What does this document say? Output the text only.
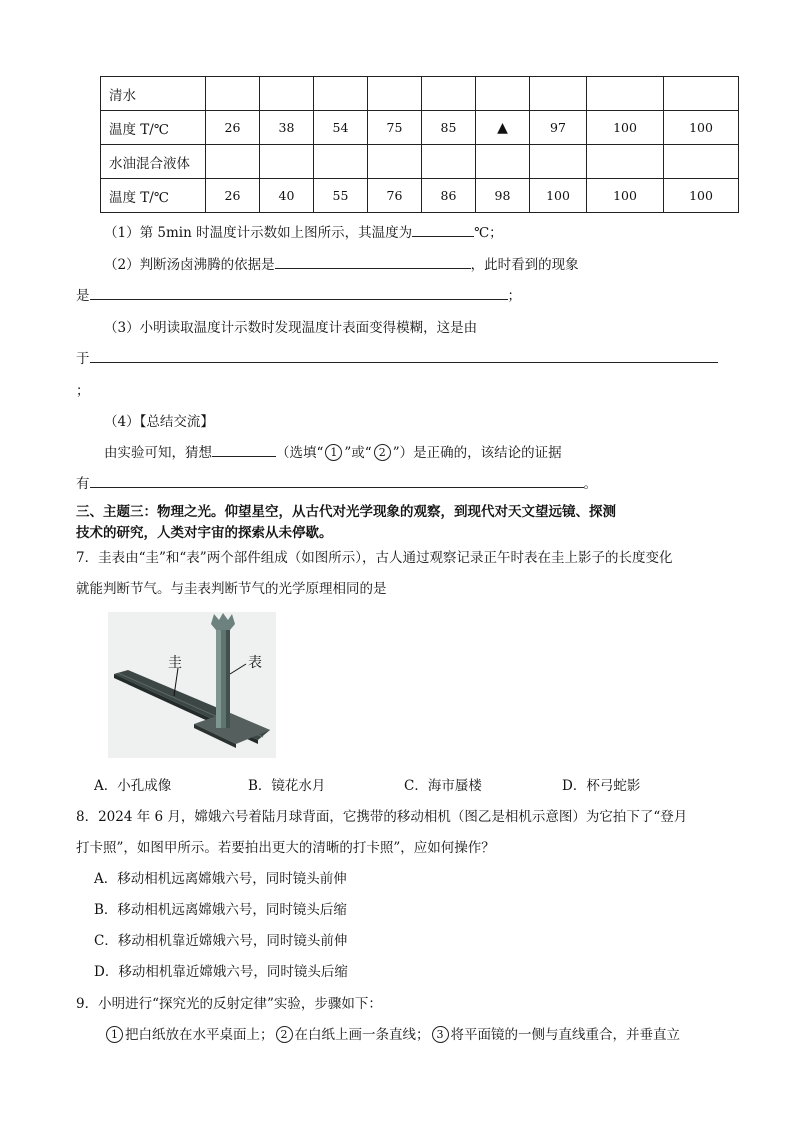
清水									
温度 T/℃	26	38	54	75	85	▲	97	100	100
水油混合液体									
温度 T/℃	26	40	55	76	86	98	100	100	100
（1）第 5min 时温度计示数如上图所示，其温度为	℃；
（2）判断汤卤沸腾的依据是	，此时看到的现象
是	；
（3）小明读取温度计示数时发现温度计表面变得模糊，这是由
于
；
（4）【总结交流】
由实验可知，猜想	（选填“ 1 ”或“ 2 ”）是正确的，该结论的证据
有	。
三、主题三：物理之光。仰望星空，从古代对光学现象的观察，到现代对天文望远镜、探测
技术的研究，人类对宇宙的探索从未停歇。
7．圭表由“圭”和“表”两个部件组成（如图所示），古人通过观察记录正午时表在圭上影子的长度变化
就能判断节气。与圭表判断节气的光学原理相同的是
圭	表
A．小孔成像	B．镜花水月	C．海市蜃楼	D．杯弓蛇影
8．2024 年 6 月，嫦娥六号着陆月球背面，它携带的移动相机（图乙是相机示意图）为它拍下了“登月
打卡照”，如图甲所示。若要拍出更大的清晰的打卡照”，应如何操作？
A．移动相机远离嫦娥六号，同时镜头前伸
B．移动相机远离嫦娥六号，同时镜头后缩
C．移动相机靠近嫦娥六号，同时镜头前伸
D．移动相机靠近嫦娥六号，同时镜头后缩
9．小明进行“探究光的反射定律”实验，步骤如下：
1 把白纸放在水平桌面上； 2 在白纸上画一条直线； 3 将平面镜的一侧与直线重合，并垂直立
